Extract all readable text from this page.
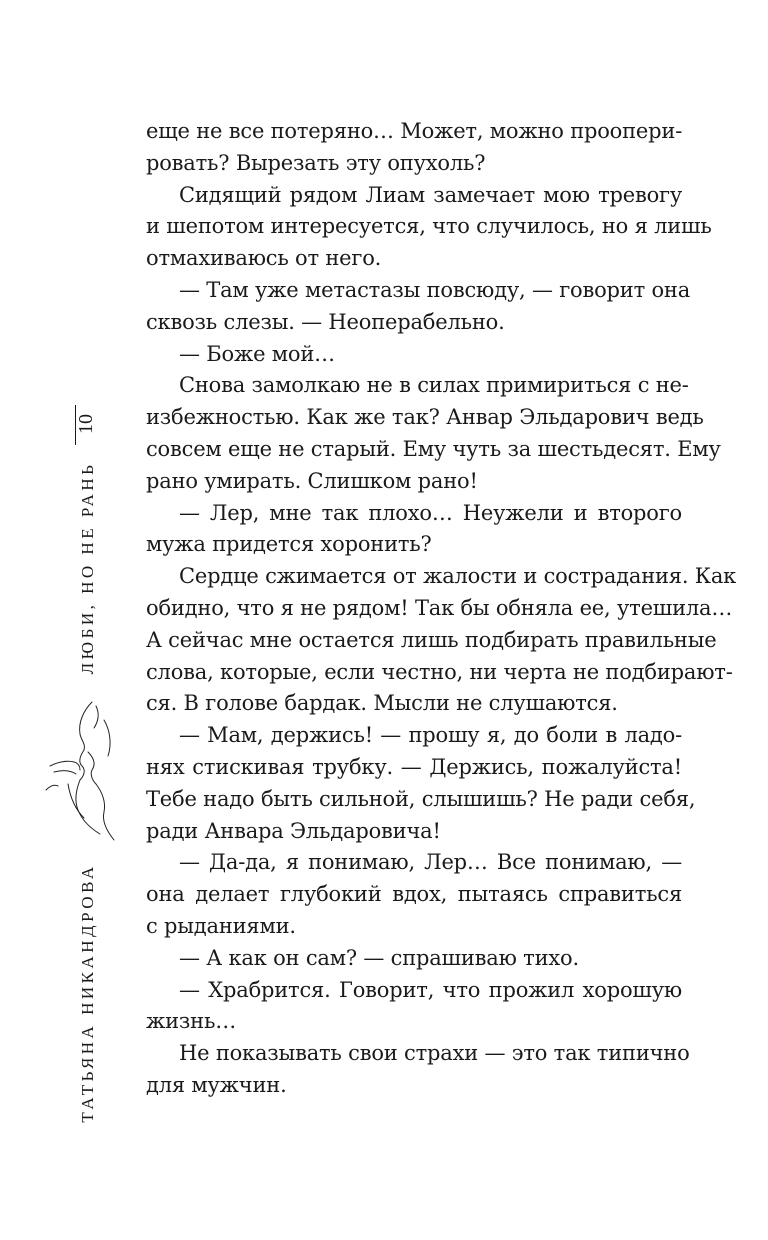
10
ЛЮБИ, НО НЕ РАНЬ
ТАТЬЯНА НИКАНДРОВА
еще не все потеряно… Может, можно проопери-
ровать? Вырезать эту опухоль?
Сидящий рядом Лиам замечает мою тревогу
и шепотом интересуется, что случилось, но я лишь
отмахиваюсь от него.
— Там уже метастазы повсюду, — говорит она
сквозь слезы. — Неоперабельно.
— Боже мой…
Снова замолкаю не в силах примириться с не-
избежностью. Как же так? Анвар Эльдарович ведь
совсем еще не старый. Ему чуть за шестьдесят. Ему
рано умирать. Слишком рано!
— Лер, мне так плохо… Неужели и второго
мужа придется хоронить?
Сердце сжимается от жалости и сострадания. Как
обидно, что я не рядом! Так бы обняла ее, утешила…
А сейчас мне остается лишь подбирать правильные
слова, которые, если честно, ни черта не подбирают-
ся. В голове бардак. Мысли не слушаются.
— Мам, держись! — прошу я, до боли в ладо-
нях стискивая трубку. — Держись, пожалуйста!
Тебе надо быть сильной, слышишь? Не ради себя,
ради Анвара Эльдаровича!
— Да-да, я понимаю, Лер… Все понимаю, —
она делает глубокий вдох, пытаясь справиться
с рыданиями.
— А как он сам? — спрашиваю тихо.
— Храбрится. Говорит, что прожил хорошую
жизнь…
Не показывать свои страхи — это так типично
для мужчин.
